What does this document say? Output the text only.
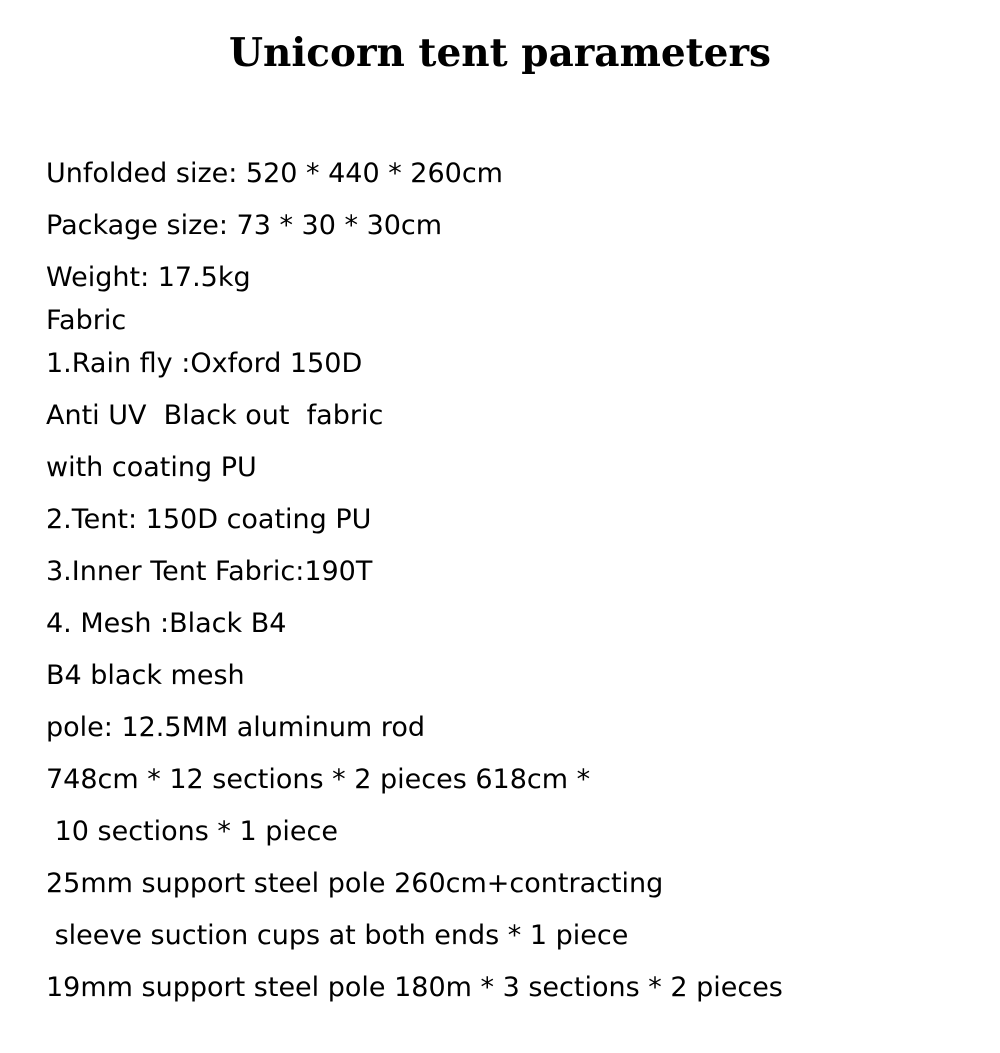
Unicorn tent parameters
Unfolded size: 520 * 440 * 260cm
Package size: 73 * 30 * 30cm
Weight: 17.5kg
Fabric
1.Rain fly :Oxford 150D
Anti UV  Black out  fabric
with coating PU
2.Tent: 150D coating PU
3.Inner Tent Fabric:190T
4. Mesh :Black B4
B4 black mesh
pole: 12.5MM aluminum rod
748cm * 12 sections * 2 pieces 618cm *
10 sections * 1 piece
25mm support steel pole 260cm+contracting
sleeve suction cups at both ends * 1 piece
19mm support steel pole 180m * 3 sections * 2 pieces
